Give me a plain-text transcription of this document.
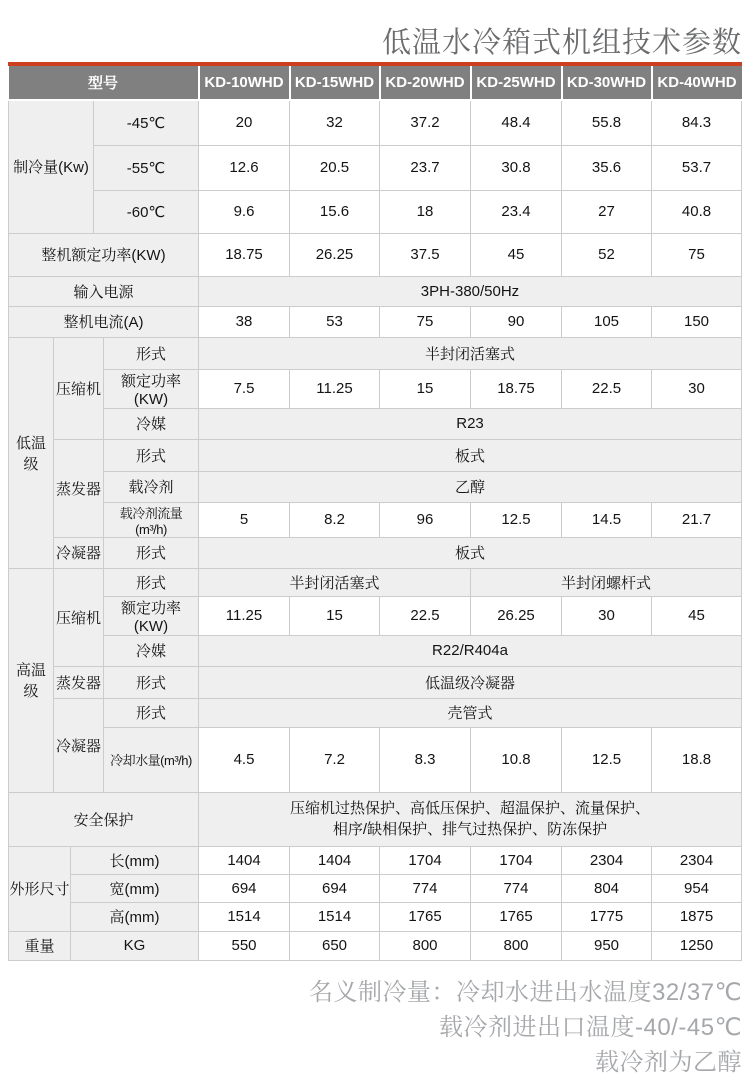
低温水冷箱式机组技术参数
型号					KD-10WHD	KD-15WHD	KD-20WHD	KD-25WHD	KD-30WHD	KD-40WHD
制冷量(Kw)			-45℃		20	32	37.2	48.4	55.8	84.3
			-55℃		12.6	20.5	23.7	30.8	35.6	53.7
			-60℃		9.6	15.6	18	23.4	27	40.8
整机额定功率(KW)					18.75	26.25	37.5	45	52	75
输入电源					3PH-380/50Hz					
整机电流(A)					38	53	75	90	105	150
低温级	压缩机			形式	半封闭活塞式					
				额定功率(KW)	7.5	11.25	15	18.75	22.5	30
				冷媒	R23					
	蒸发器			形式	板式					
				载冷剂	乙醇					
				载冷剂流量(m³/h)	5	8.2	96	12.5	14.5	21.7
	冷凝器			形式	板式					
高温级	压缩机			形式	半封闭活塞式			半封闭螺杆式		
				额定功率(KW)	11.25	15	22.5	26.25	30	45
				冷媒	R22/R404a					
	蒸发器			形式	低温级冷凝器					
	冷凝器			形式	壳管式					
				冷却水量(m³/h)	4.5	7.2	8.3	10.8	12.5	18.8
安全保护					压缩机过热保护、高低压保护、超温保护、流量保护、
相序/缺相保护、排气过热保护、防冻保护					

外形尺寸		长(mm)			1404	1404	1704	1704	2304	2304
		宽(mm)			694	694	774	774	804	954
		高(mm)			1514	1514	1765	1765	1775	1875
重量		KG			550	650	800	800	950	1250
名义制冷量：冷却水进出水温度32/37℃
载冷剂进出口温度-40/-45℃
载冷剂为乙醇
